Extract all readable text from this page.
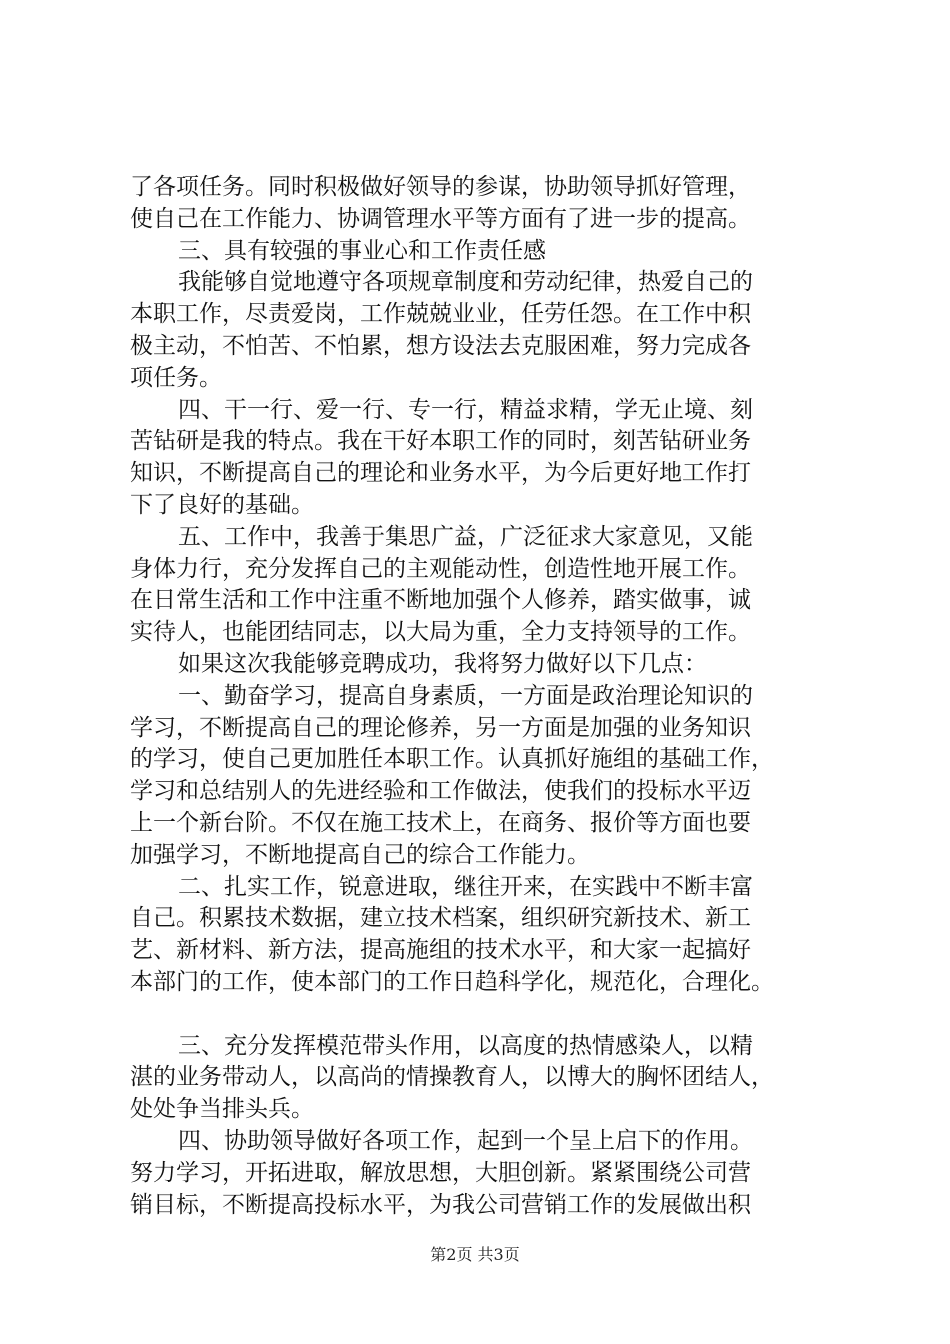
了各项任务。同时积极做好领导的参谋，协助领导抓好管理，
使自己在工作能力、协调管理水平等方面有了进一步的提高。
三、具有较强的事业心和工作责任感
我能够自觉地遵守各项规章制度和劳动纪律，热爱自己的
本职工作，尽责爱岗，工作兢兢业业，任劳任怨。在工作中积
极主动，不怕苦、不怕累，想方设法去克服困难，努力完成各
项任务。
四、干一行、爱一行、专一行，精益求精，学无止境、刻
苦钻研是我的特点。我在干好本职工作的同时，刻苦钻研业务
知识，不断提高自己的理论和业务水平，为今后更好地工作打
下了良好的基础。
五、工作中，我善于集思广益，广泛征求大家意见，又能
身体力行，充分发挥自己的主观能动性，创造性地开展工作。
在日常生活和工作中注重不断地加强个人修养，踏实做事，诚
实待人，也能团结同志，以大局为重，全力支持领导的工作。
如果这次我能够竞聘成功，我将努力做好以下几点：
一、勤奋学习，提高自身素质，一方面是政治理论知识的
学习，不断提高自己的理论修养，另一方面是加强的业务知识
的学习，使自己更加胜任本职工作。认真抓好施组的基础工作，
学习和总结别人的先进经验和工作做法，使我们的投标水平迈
上一个新台阶。不仅在施工技术上，在商务、报价等方面也要
加强学习，不断地提高自己的综合工作能力。
二、扎实工作，锐意进取，继往开来，在实践中不断丰富
自己。积累技术数据，建立技术档案，组织研究新技术、新工
艺、新材料、新方法，提高施组的技术水平，和大家一起搞好
本部门的工作，使本部门的工作日趋科学化，规范化，合理化。
三、充分发挥模范带头作用，以高度的热情感染人，以精
湛的业务带动人，以高尚的情操教育人，以博大的胸怀团结人，
处处争当排头兵。
四、协助领导做好各项工作，起到一个呈上启下的作用。
努力学习，开拓进取，解放思想，大胆创新。紧紧围绕公司营
销目标，不断提高投标水平，为我公司营销工作的发展做出积
第2页 共3页
